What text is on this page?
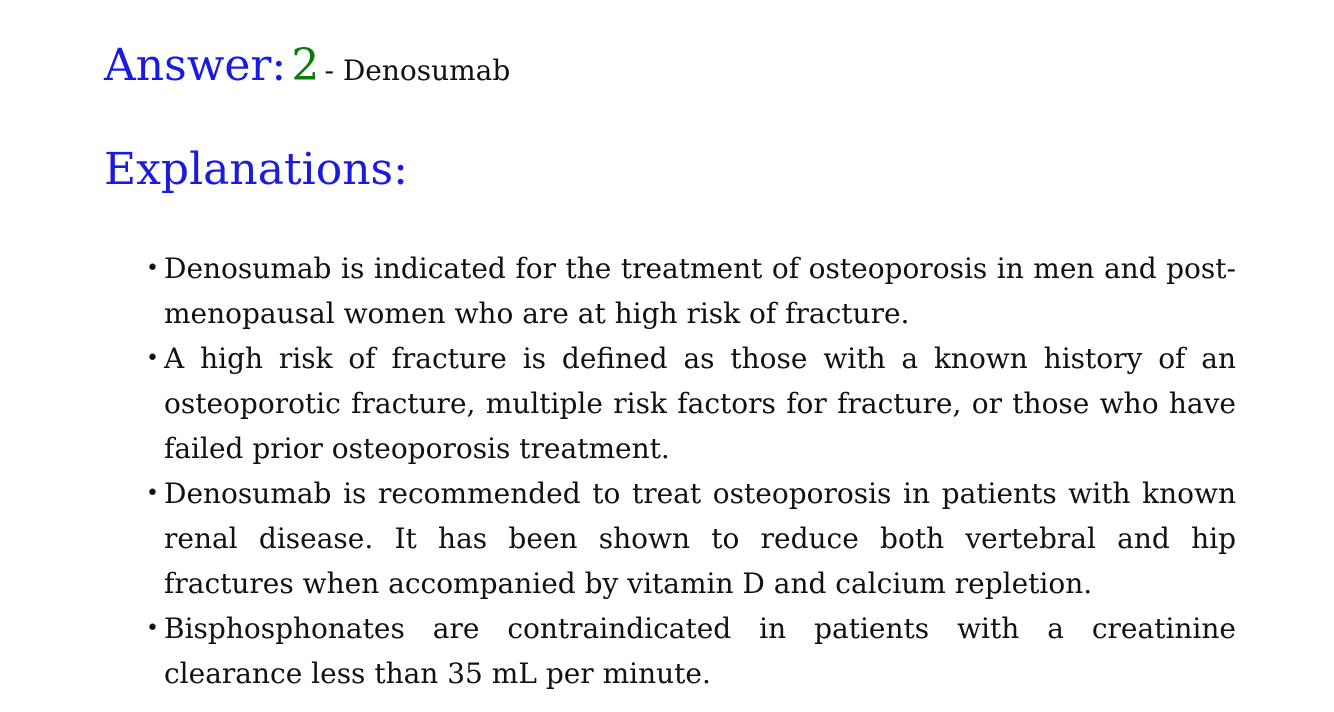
Answer: 2 - Denosumab
Explanations:
• Denosumab is indicated for the treatment of osteoporosis in men and post-menopausal women who are at high risk of fracture.
• A high risk of fracture is defined as those with a known history of an osteoporotic fracture, multiple risk factors for fracture, or those who have failed prior osteoporosis treatment.
• Denosumab is recommended to treat osteoporosis in patients with known renal disease. It has been shown to reduce both vertebral and hip fractures when accompanied by vitamin D and calcium repletion.
• Bisphosphonates are contraindicated in patients with a creatinine clearance less than 35 mL per minute.
